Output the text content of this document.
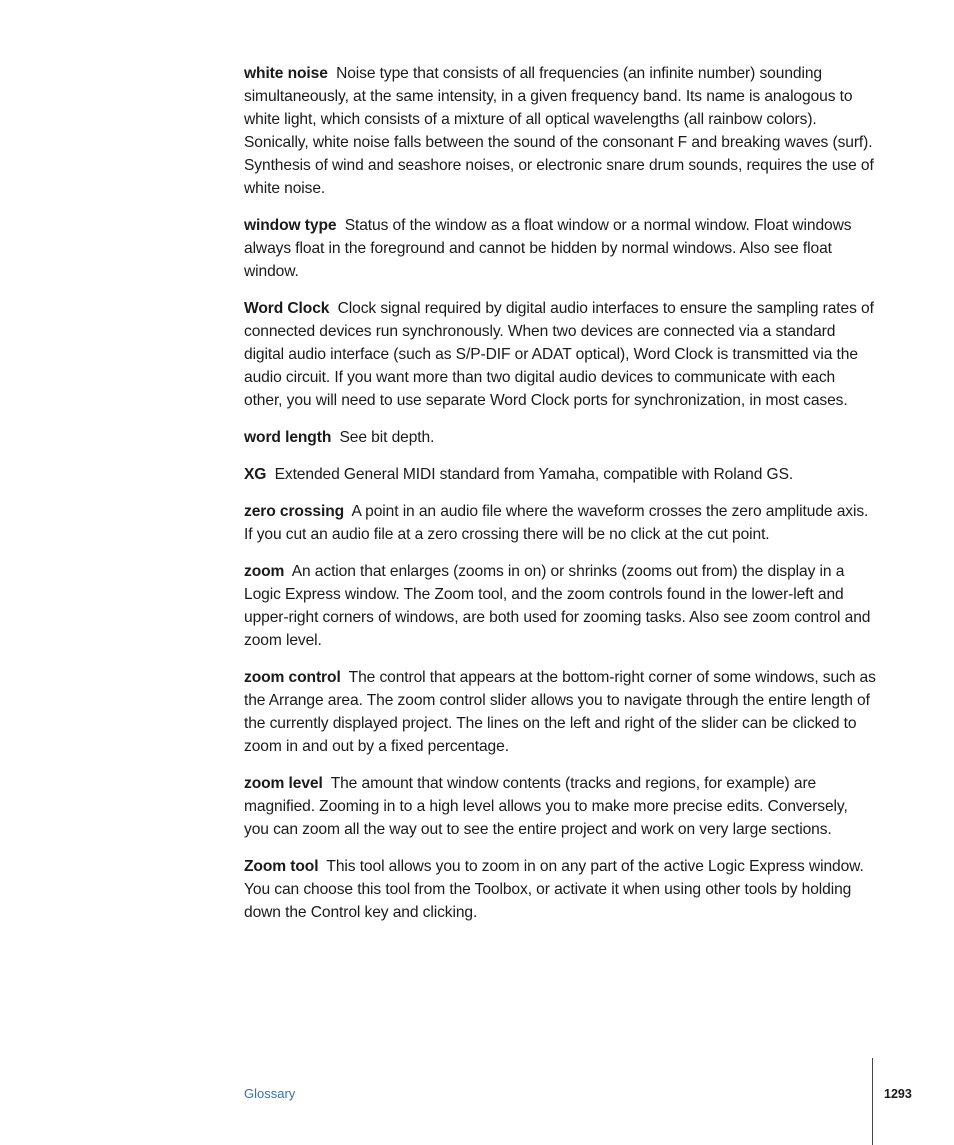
white noise Noise type that consists of all frequencies (an infinite number) sounding simultaneously, at the same intensity, in a given frequency band. Its name is analogous to white light, which consists of a mixture of all optical wavelengths (all rainbow colors). Sonically, white noise falls between the sound of the consonant F and breaking waves (surf). Synthesis of wind and seashore noises, or electronic snare drum sounds, requires the use of white noise.

window type Status of the window as a float window or a normal window. Float windows always float in the foreground and cannot be hidden by normal windows. Also see float window.

Word Clock Clock signal required by digital audio interfaces to ensure the sampling rates of connected devices run synchronously. When two devices are connected via a standard digital audio interface (such as S/P-DIF or ADAT optical), Word Clock is transmitted via the audio circuit. If you want more than two digital audio devices to communicate with each other, you will need to use separate Word Clock ports for synchronization, in most cases.

word length See bit depth.

XG Extended General MIDI standard from Yamaha, compatible with Roland GS.

zero crossing A point in an audio file where the waveform crosses the zero amplitude axis. If you cut an audio file at a zero crossing there will be no click at the cut point.

zoom An action that enlarges (zooms in on) or shrinks (zooms out from) the display in a Logic Express window. The Zoom tool, and the zoom controls found in the lower-left and upper-right corners of windows, are both used for zooming tasks. Also see zoom control and zoom level.

zoom control The control that appears at the bottom-right corner of some windows, such as the Arrange area. The zoom control slider allows you to navigate through the entire length of the currently displayed project. The lines on the left and right of the slider can be clicked to zoom in and out by a fixed percentage.

zoom level The amount that window contents (tracks and regions, for example) are magnified. Zooming in to a high level allows you to make more precise edits. Conversely, you can zoom all the way out to see the entire project and work on very large sections.

Zoom tool This tool allows you to zoom in on any part of the active Logic Express window. You can choose this tool from the Toolbox, or activate it when using other tools by holding down the Control key and clicking.

Glossary	1293
